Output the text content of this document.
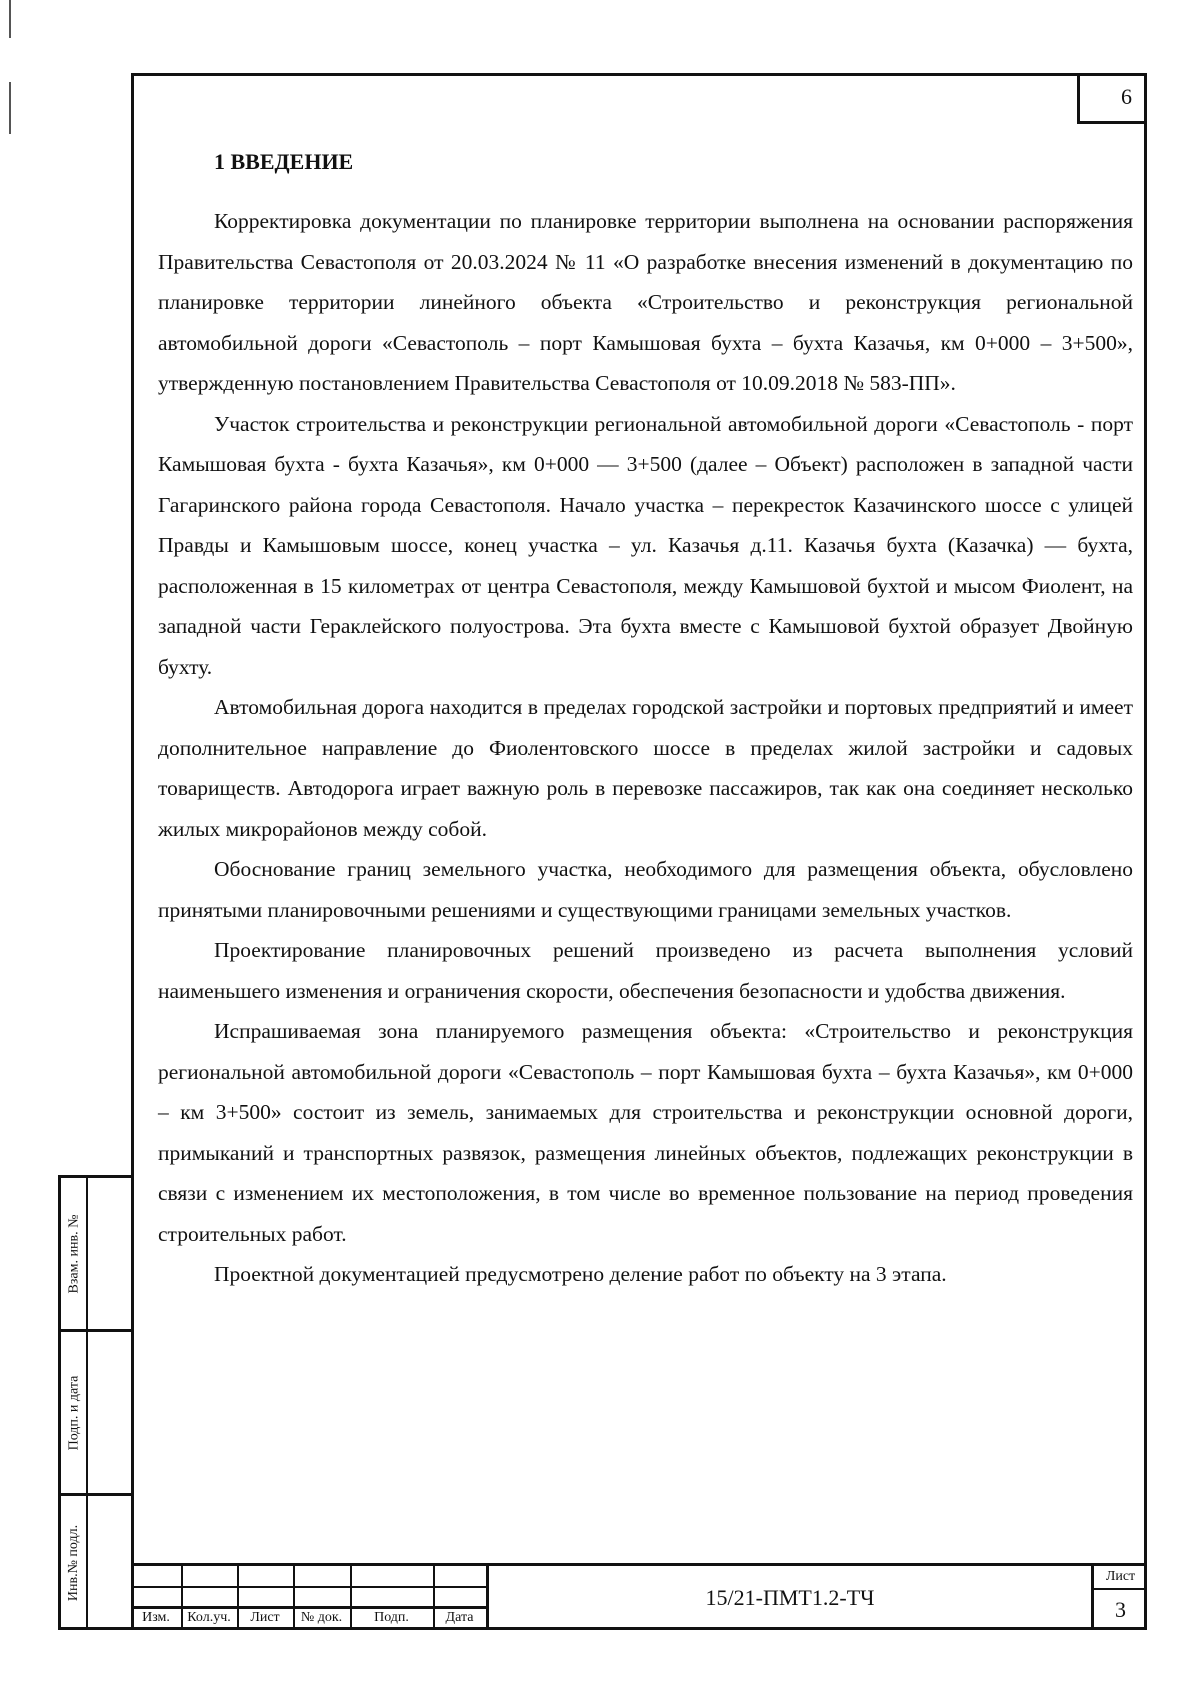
6
1 ВВЕДЕНИЕ

Корректировка документации по планировке территории выполнена на основании распоряжения Правительства Севастополя от 20.03.2024 № 11 «О разработке внесения изменений в документацию по планировке территории линейного объекта «Строительство и реконструкция региональной автомобильной дороги «Севастополь – порт Камышовая бухта – бухта Казачья, км 0+000 – 3+500», утвержденную постановлением Правительства Севастополя от 10.09.2018 № 583-ПП».

Участок строительства и реконструкции региональной автомобильной дороги «Севастополь - порт Камышовая бухта - бухта Казачья», км 0+000 — 3+500 (далее – Объект) расположен в западной части Гагаринского района города Севастополя. Начало участка – перекресток Казачинского шоссе с улицей Правды и Камышовым шоссе, конец участка – ул. Казачья д.11. Казачья бухта (Казачка) — бухта, расположенная в 15 километрах от центра Севастополя, между Камышовой бухтой и мысом Фиолент, на западной части Гераклейского полуострова. Эта бухта вместе с Камышовой бухтой образует Двойную бухту.

Автомобильная дорога находится в пределах городской застройки и портовых предприятий и имеет дополнительное направление до Фиолентовского шоссе в пределах жилой застройки и садовых товариществ. Автодорога играет важную роль в перевозке пассажиров, так как она соединяет несколько жилых микрорайонов между собой.

Обоснование границ земельного участка, необходимого для размещения объекта, обусловлено принятыми планировочными решениями и существующими границами земельных участков.

Проектирование планировочных решений произведено из расчета выполнения условий наименьшего изменения и ограничения скорости, обеспечения безопасности и удобства движения.

Испрашиваемая зона планируемого размещения объекта: «Строительство и реконструкция региональной автомобильной дороги «Севастополь – порт Камышовая бухта – бухта Казачья», км 0+000 – км 3+500» состоит из земель, занимаемых для строительства и реконструкции основной дороги, примыканий и транспортных развязок, размещения линейных объектов, подлежащих реконструкции в связи с изменением их местоположения, в том числе во временное пользование на период проведения строительных работ.

Проектной документацией предусмотрено деление работ по объекту на 3 этапа.

Взам. инв. №
Подп. и дата
Инв.№ подл.
Изм.	Кол.уч.	Лист	№ док.	Подп.	Дата
15/21-ПМТ1.2-ТЧ
Лист
3
